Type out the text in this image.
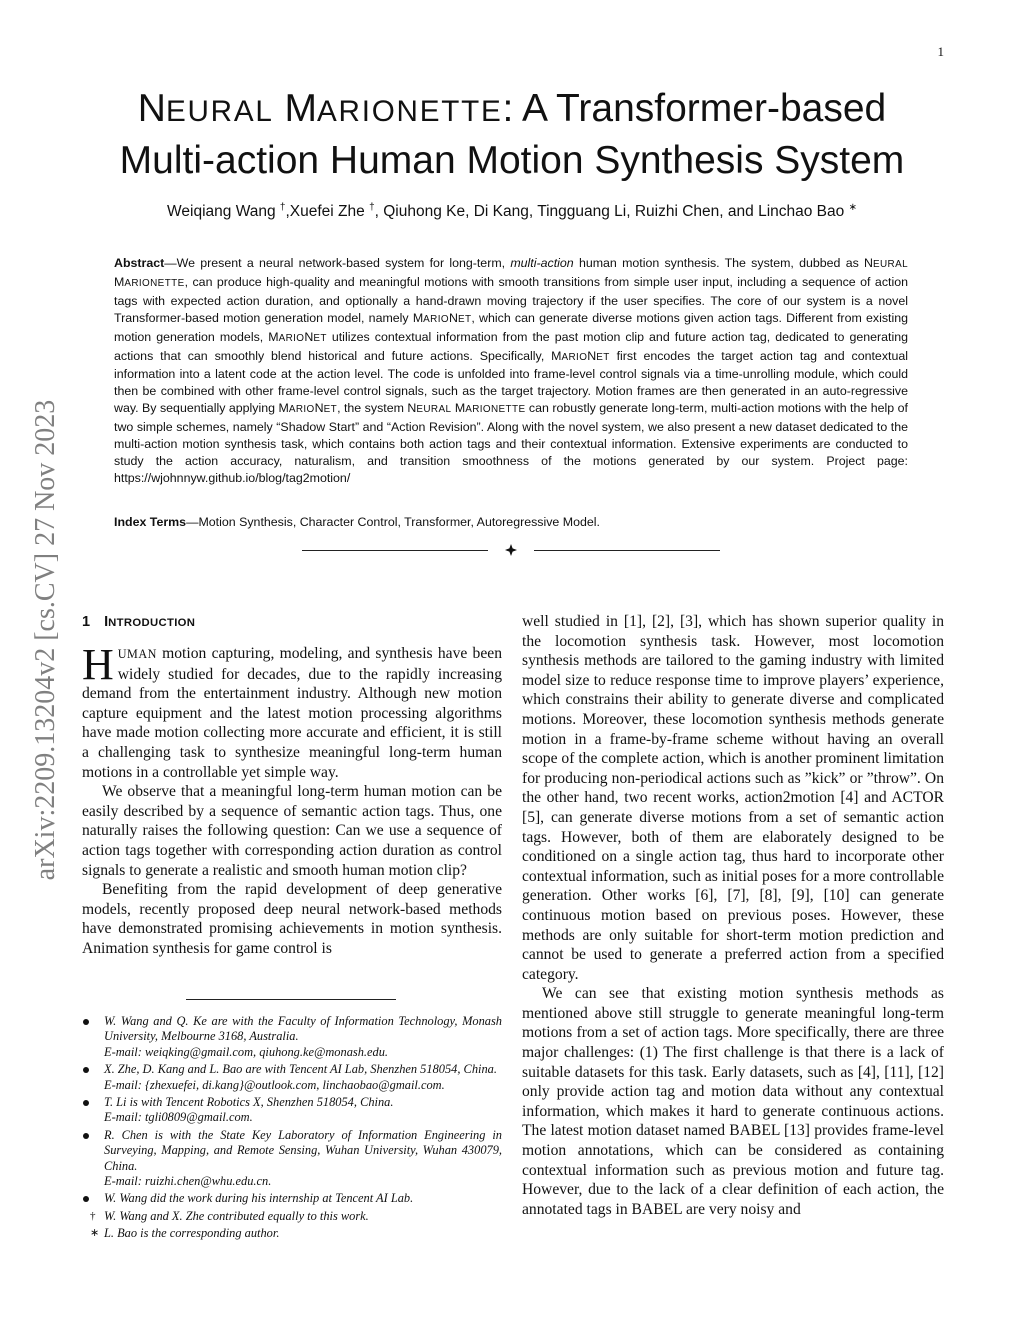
1
arXiv:2209.13204v2 [cs.CV] 27 Nov 2023
NEURAL MARIONETTE: A Transformer-based
Multi-action Human Motion Synthesis System
Weiqiang Wang †,Xuefei Zhe †, Qiuhong Ke, Di Kang, Tingguang Li, Ruizhi Chen, and Linchao Bao ∗
Abstract—We present a neural network-based system for long-term, multi-action human motion synthesis. The system, dubbed as NEURAL MARIONETTE, can produce high-quality and meaningful motions with smooth transitions from simple user input, including a sequence of action tags with expected action duration, and optionally a hand-drawn moving trajectory if the user specifies. The core of our system is a novel Transformer-based motion generation model, namely MARIONET, which can generate diverse motions given action tags. Different from existing motion generation models, MARIONET utilizes contextual information from the past motion clip and future action tag, dedicated to generating actions that can smoothly blend historical and future actions. Specifically, MARIONET first encodes the target action tag and contextual information into a latent code at the action level. The code is unfolded into frame-level control signals via a time-unrolling module, which could then be combined with other frame-level control signals, such as the target trajectory. Motion frames are then generated in an auto-regressive way. By sequentially applying MARIONET, the system NEURAL MARIONETTE can robustly generate long-term, multi-action motions with the help of two simple schemes, namely “Shadow Start” and “Action Revision”. Along with the novel system, we also present a new dataset dedicated to the multi-action motion synthesis task, which contains both action tags and their contextual information. Extensive experiments are conducted to study the action accuracy, naturalism, and transition smoothness of the motions generated by our system. Project page: https://wjohnnyw.github.io/blog/tag2motion/
Index Terms—Motion Synthesis, Character Control, Transformer, Autoregressive Model.
1 INTRODUCTION

HUMAN motion capturing, modeling, and synthesis have been widely studied for decades, due to the rapidly increasing demand from the entertainment industry. Although new motion capture equipment and the latest motion processing algorithms have made motion collecting more accurate and efficient, it is still a challenging task to synthesize meaningful long-term human motions in a controllable yet simple way.

We observe that a meaningful long-term human motion can be easily described by a sequence of semantic action tags. Thus, one naturally raises the following question: Can we use a sequence of action tags together with corresponding action duration as control signals to generate a realistic and smooth human motion clip?

Benefiting from the rapid development of deep generative models, recently proposed deep neural network-based methods have demonstrated promising achievements in motion synthesis. Animation synthesis for game control is

well studied in [1], [2], [3], which has shown superior quality in the locomotion synthesis task. However, most locomotion synthesis methods are tailored to the gaming industry with limited model size to reduce response time to improve players’ experience, which constrains their ability to generate diverse and complicated motions. Moreover, these locomotion synthesis methods generate motion in a frame-by-frame scheme without having an overall scope of the complete action, which is another prominent limitation for producing non-periodical actions such as ”kick” or ”throw”. On the other hand, two recent works, action2motion [4] and ACTOR [5], can generate diverse motions from a set of semantic action tags. However, both of them are elaborately designed to be conditioned on a single action tag, thus hard to incorporate other contextual information, such as initial poses for a more controllable generation. Other works [6], [7], [8], [9], [10] can generate continuous motion based on previous poses. However, these methods are only suitable for short-term motion prediction and cannot be used to generate a preferred action from a specified category.

We can see that existing motion synthesis methods as mentioned above still struggle to generate meaningful long-term motions from a set of action tags. More specifically, there are three major challenges: (1) The first challenge is that there is a lack of suitable datasets for this task. Early datasets, such as [4], [11], [12] only provide action tag and motion data without any contextual information, which makes it hard to generate continuous actions. The latest motion dataset named BABEL [13] provides frame-level motion annotations, which can be considered as containing contextual information such as previous motion and future tag. However, due to the lack of a clear definition of each action, the annotated tags in BABEL are very noisy and

W. Wang and Q. Ke are with the Faculty of Information Technology, Monash University, Melbourne 3168, Australia.
E-mail: weiqking@gmail.com, qiuhong.ke@monash.edu.
X. Zhe, D. Kang and L. Bao are with Tencent AI Lab, Shenzhen 518054, China.
E-mail: {zhexuefei, di.kang}@outlook.com, linchaobao@gmail.com.
T. Li is with Tencent Robotics X, Shenzhen 518054, China.
E-mail: tgli0809@gmail.com.
R. Chen is with the State Key Laboratory of Information Engineering in Surveying, Mapping, and Remote Sensing, Wuhan University, Wuhan 430079, China.
E-mail: ruizhi.chen@whu.edu.cn.
W. Wang did the work during his internship at Tencent AI Lab.
† W. Wang and X. Zhe contributed equally to this work.
∗ L. Bao is the corresponding author.
